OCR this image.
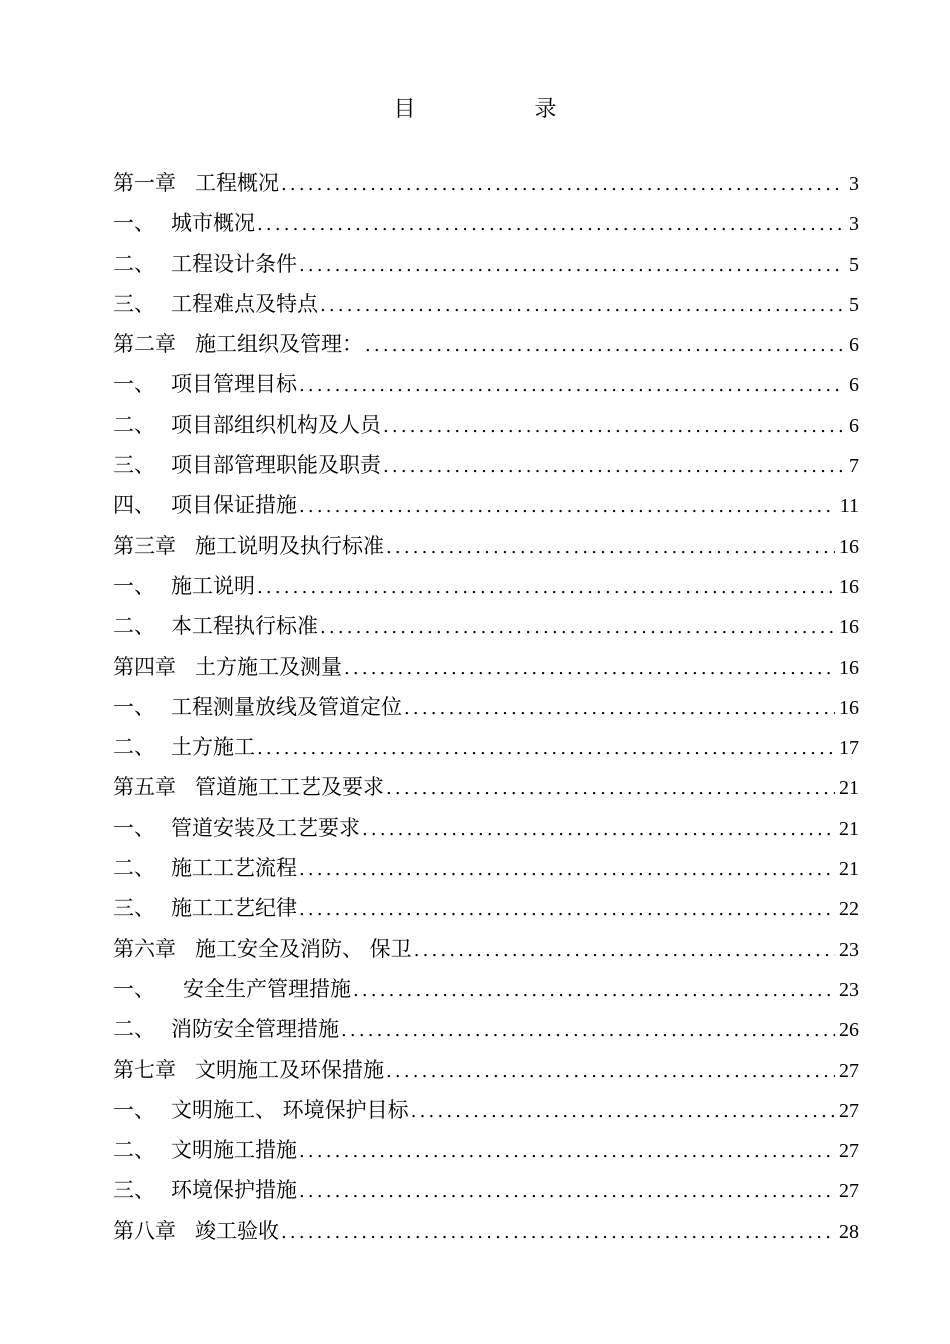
目 录
第一章 工程概况 .....	3
一、 城市概况 .....	3
二、 工程设计条件 .....	5
三、 工程难点及特点 .....	5
第二章 施工组织及管理： .....	6
一、 项目管理目标 .....	6
二、 项目部组织机构及人员 .....	6
三、 项目部管理职能及职责 .....	7
四、 项目保证措施 .....	11
第三章 施工说明及执行标准 .....	16
一、 施工说明 .....	16
二、 本工程执行标准 .....	16
第四章 土方施工及测量 .....	16
一、 工程测量放线及管道定位 .....	16
二、 土方施工 .....	17
第五章 管道施工工艺及要求 .....	21
一、 管道安装及工艺要求 .....	21
二、 施工工艺流程 .....	21
三、 施工工艺纪律 .....	22
第六章 施工安全及消防、 保卫 .....	23
一、 安全生产管理措施 .....	23
二、 消防安全管理措施 .....	26
第七章 文明施工及环保措施 .....	27
一、 文明施工、 环境保护目标 .....	27
二、 文明施工措施 .....	27
三、 环境保护措施 .....	27
第八章 竣工验收 .....	28
